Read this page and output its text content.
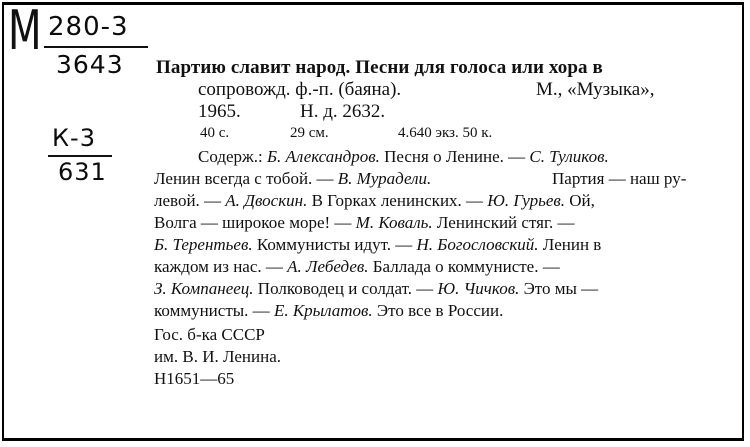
M 280-3
3643
К-3
631
Партию славит народ. Песни для голоса или хора в
сопровожд. ф.-п. (баяна).	М., «Музыка»,
1965.	Н. д. 2632.
40 с.	29 см.	4.640 экз. 50 к.
Содерж.: Б. Александров. Песня о Ленине. — С. Туликов.
Ленин всегда с тобой. — В. Мурадели.	Партия — наш ру-
левой. — А. Двоскин. В Горках ленинских. — Ю. Гурьев. Ой,
Волга — широкое море! — М. Коваль. Ленинский стяг. —
Б. Терентьев. Коммунисты идут. — Н. Богословский. Ленин в
каждом из нас. — А. Лебедев. Баллада о коммунисте. —
З. Компанеец. Полководец и солдат. — Ю. Чичков. Это мы —
коммунисты. — Е. Крылатов. Это все в России.
Гос. б-ка СССР
им. В. И. Ленина.
Н1651—65
